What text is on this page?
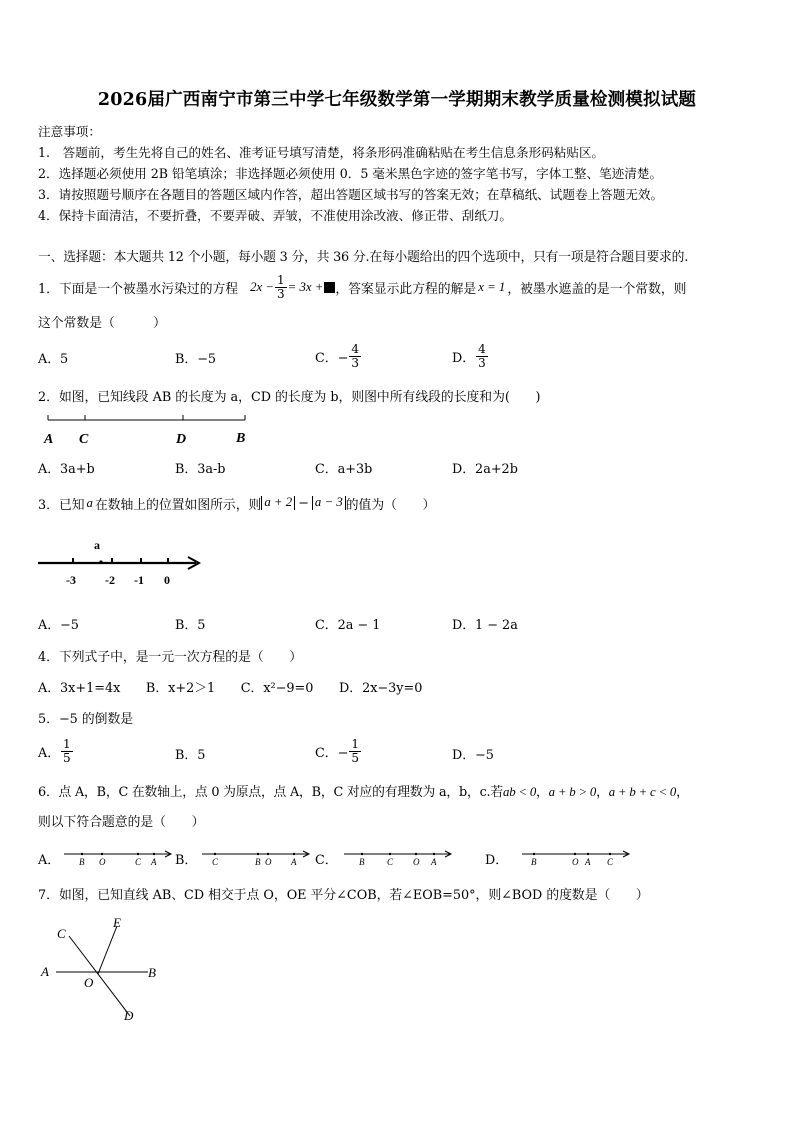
2026届广西南宁市第三中学七年级数学第一学期期末教学质量检测模拟试题
注意事项：
1.　答题前，考生先将自己的姓名、准考证号填写清楚，将条形码准确粘贴在考生信息条形码粘贴区。
2．选择题必须使用 2B 铅笔填涂；非选择题必须使用 0．5 毫米黑色字迹的签字笔书写，字体工整、笔迹清楚。
3．请按照题号顺序在各题目的答题区域内作答，超出答题区域书写的答案无效；在草稿纸、试题卷上答题无效。
4．保持卡面清洁，不要折叠，不要弄破、弄皱，不准使用涂改液、修正带、刮纸刀。
一、选择题：本大题共 12 个小题，每小题 3 分，共 36 分.在每小题给出的四个选项中，只有一项是符合题目要求的.
1．下面是一个被墨水污染过的方程 $2x - \frac{1}{3} = 3x$ + ，答案显示此方程的解是 x = 1 ，被墨水遮盖的是一个常数，则
这个常数是（　　　）
A．5	B．−5	C．− $\frac{4}{3}$	D． $\frac{4}{3}$
2．如图，已知线段 AB 的长度为 a，CD 的长度为 b，则图中所有线段的长度和为(　　)
A C	D	B
A．3a+b	B．3a-b	C．a+3b	D．2a+2b
3．已知 a 在数轴上的位置如图所示，则 a + 2 − a − 3 的值为（　　）
a
-3 -2 -1 0
A．−5	B．5	C．2a − 1	D．1 − 2a
4．下列式子中，是一元一次方程的是（　　）
A．3x+1=4x　　B．x+2＞1　　C．x²−9=0　　D．2x−3y=0
5．−5 的倒数是
A． $\frac{1}{5}$	B．5	C．− $\frac{1}{5}$	D．−5
6．点 A，B，C 在数轴上，点 0 为原点，点 A，B，C 对应的有理数为 a，b，c.若ab < 0，a + b > 0，a + b + c < 0，
则以下符合题意的是（　　）
A． B O	C A B． C	B O A C． B	C O A	D．	B	O A C
7．如图，已知直线 AB、CD 相交于点 O，OE 平分∠COB，若∠EOB=50°，则∠BOD 的度数是（　　）
C
E
A
O
B
D
